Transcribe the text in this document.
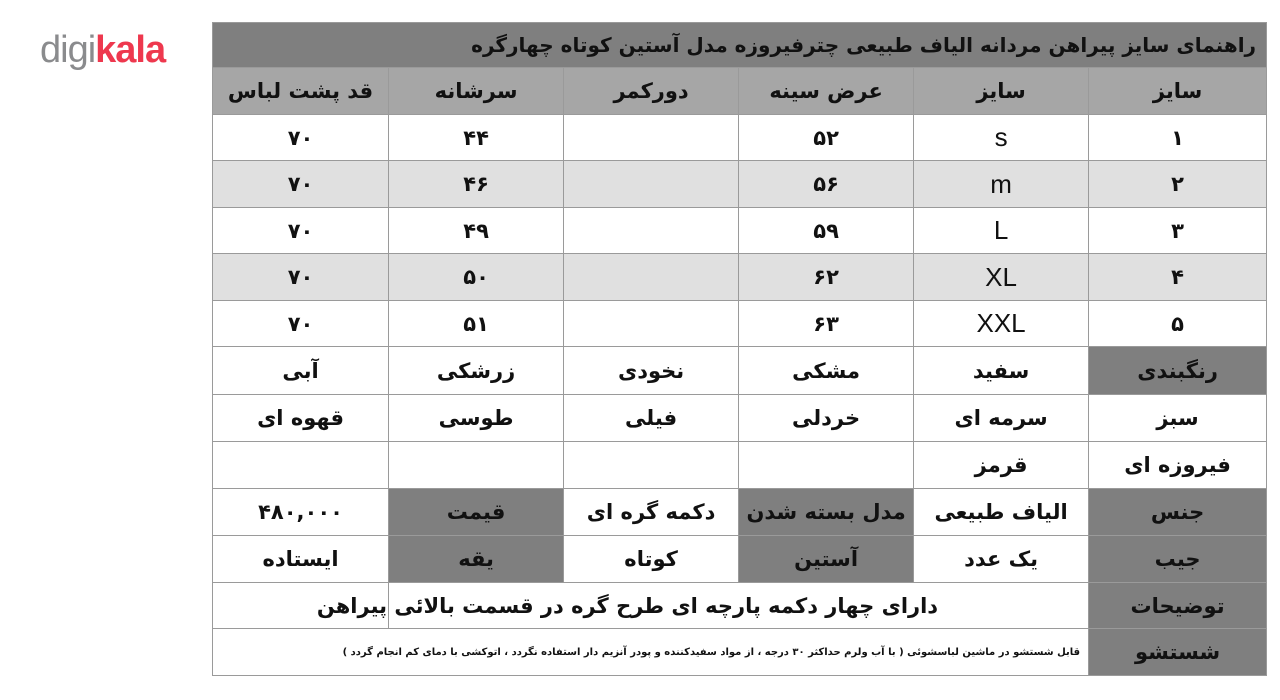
digikala	راهنمای سایز پیراهن مردانه الیاف طبیعی چترفیروزه مدل آستین کوتاه چهارگره					
سایز	سایز	عرض سینه	دورکمر	سرشانه	قد پشت لباس
۱	s	۵۲		۴۴	۷۰
۲	m	۵۶		۴۶	۷۰
۳	L	۵۹		۴۹	۷۰
۴	XL	۶۲		۵۰	۷۰
۵	XXL	۶۳		۵۱	۷۰
رنگبندی	سفید	مشکی	نخودی	زرشکی	آبی
سبز	سرمه ای	خردلی	فیلی	طوسی	قهوه ای
فیروزه ای	قرمز				
جنس	الیاف طبیعی	مدل بسته شدن	دکمه گره ای	قیمت	۴۸۰,۰۰۰
جیب	یک عدد	آستین	کوتاه	یقه	ایستاده
توضیحات	دارای چهار دکمه پارچه ای طرح گره در قسمت بالائی پیراهن				
شستشو	قابل شستشو در ماشین لباسشوئی ( با آب ولرم حداکثر ۳۰ درجه ، از مواد سفیدکننده و پودر آنزیم دار استفاده نگردد ، اتوکشی با دمای کم انجام گردد )				
